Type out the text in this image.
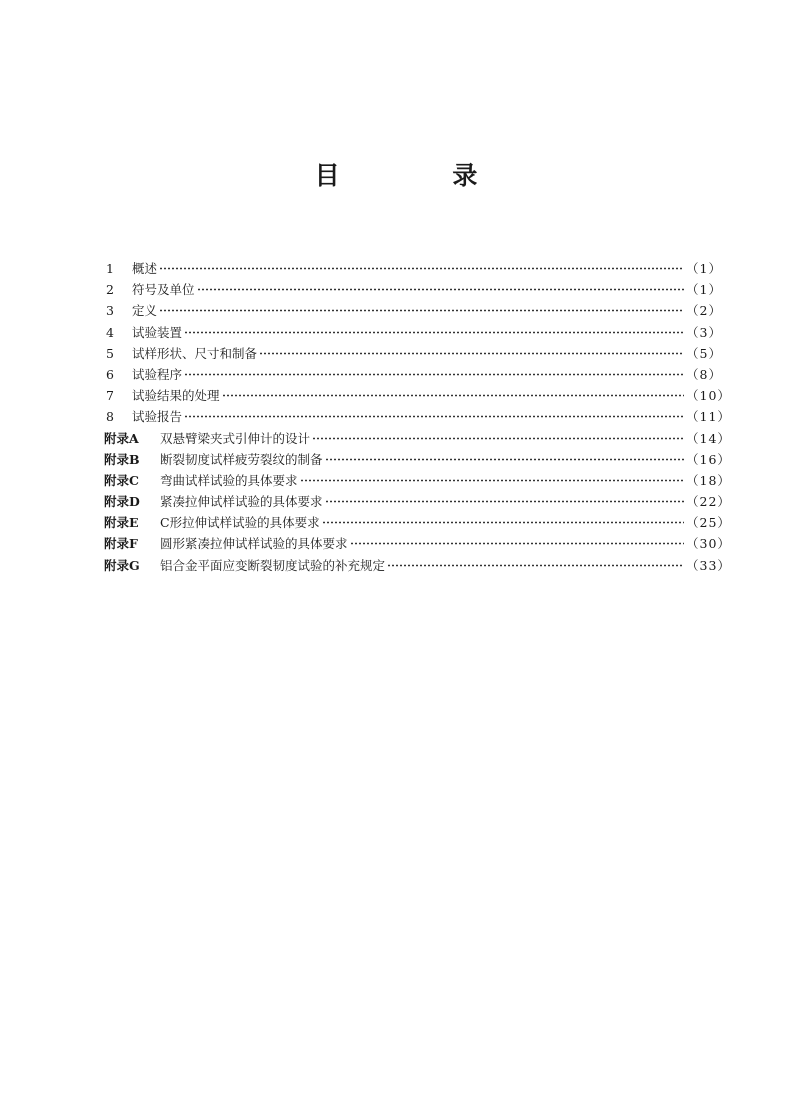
目 录
1 概述	（1）
2 符号及单位	（1）
3 定义	（2）
4 试验装置	（3）
5 试样形状、尺寸和制备	（5）
6 试验程序	（8）
7 试验结果的处理	（10）
8 试验报告	（11）
附录A	双悬臂梁夹式引伸计的设计	（14）
附录B	断裂韧度试样疲劳裂纹的制备	（16）
附录C	弯曲试样试验的具体要求	（18）
附录D	紧凑拉伸试样试验的具体要求	（22）
附录E	C形拉伸试样试验的具体要求	（25）
附录F	圆形紧凑拉伸试样试验的具体要求	（30）
附录G	铝合金平面应变断裂韧度试验的补充规定	（33）
